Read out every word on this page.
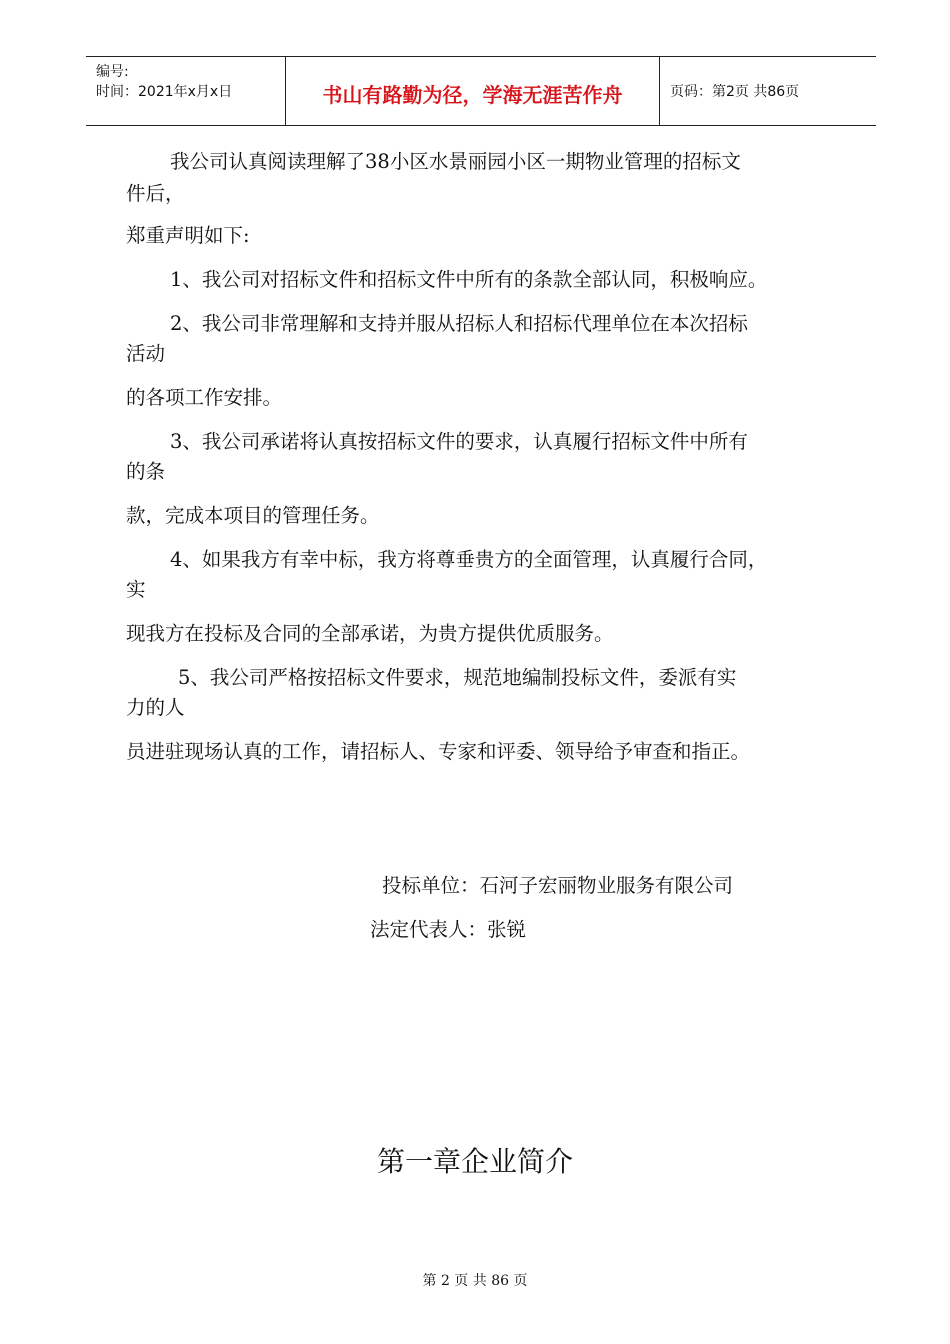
编号:
时间：2021年x月x日	书山有路勤为径，学海无涯苦作舟	页码：第2页 共86页
我公司认真阅读理解了38小区水景丽园小区一期物业管理的招标文
件后，
郑重声明如下:
1、我公司对招标文件和招标文件中所有的条款全部认同，积极响应。
2、我公司非常理解和支持并服从招标人和招标代理单位在本次招标
活动
的各项工作安排。
3、我公司承诺将认真按招标文件的要求，认真履行招标文件中所有
的条
款，完成本项目的管理任务。
4、如果我方有幸中标，我方将尊垂贵方的全面管理，认真履行合同，
实
现我方在投标及合同的全部承诺，为贵方提供优质服务。
5、我公司严格按招标文件要求，规范地编制投标文件，委派有实
力的人
员进驻现场认真的工作，请招标人、专家和评委、领导给予审查和指正。
投标单位：石河子宏丽物业服务有限公司
法定代表人：张锐
第一章企业简介
第 2 页 共 86 页
